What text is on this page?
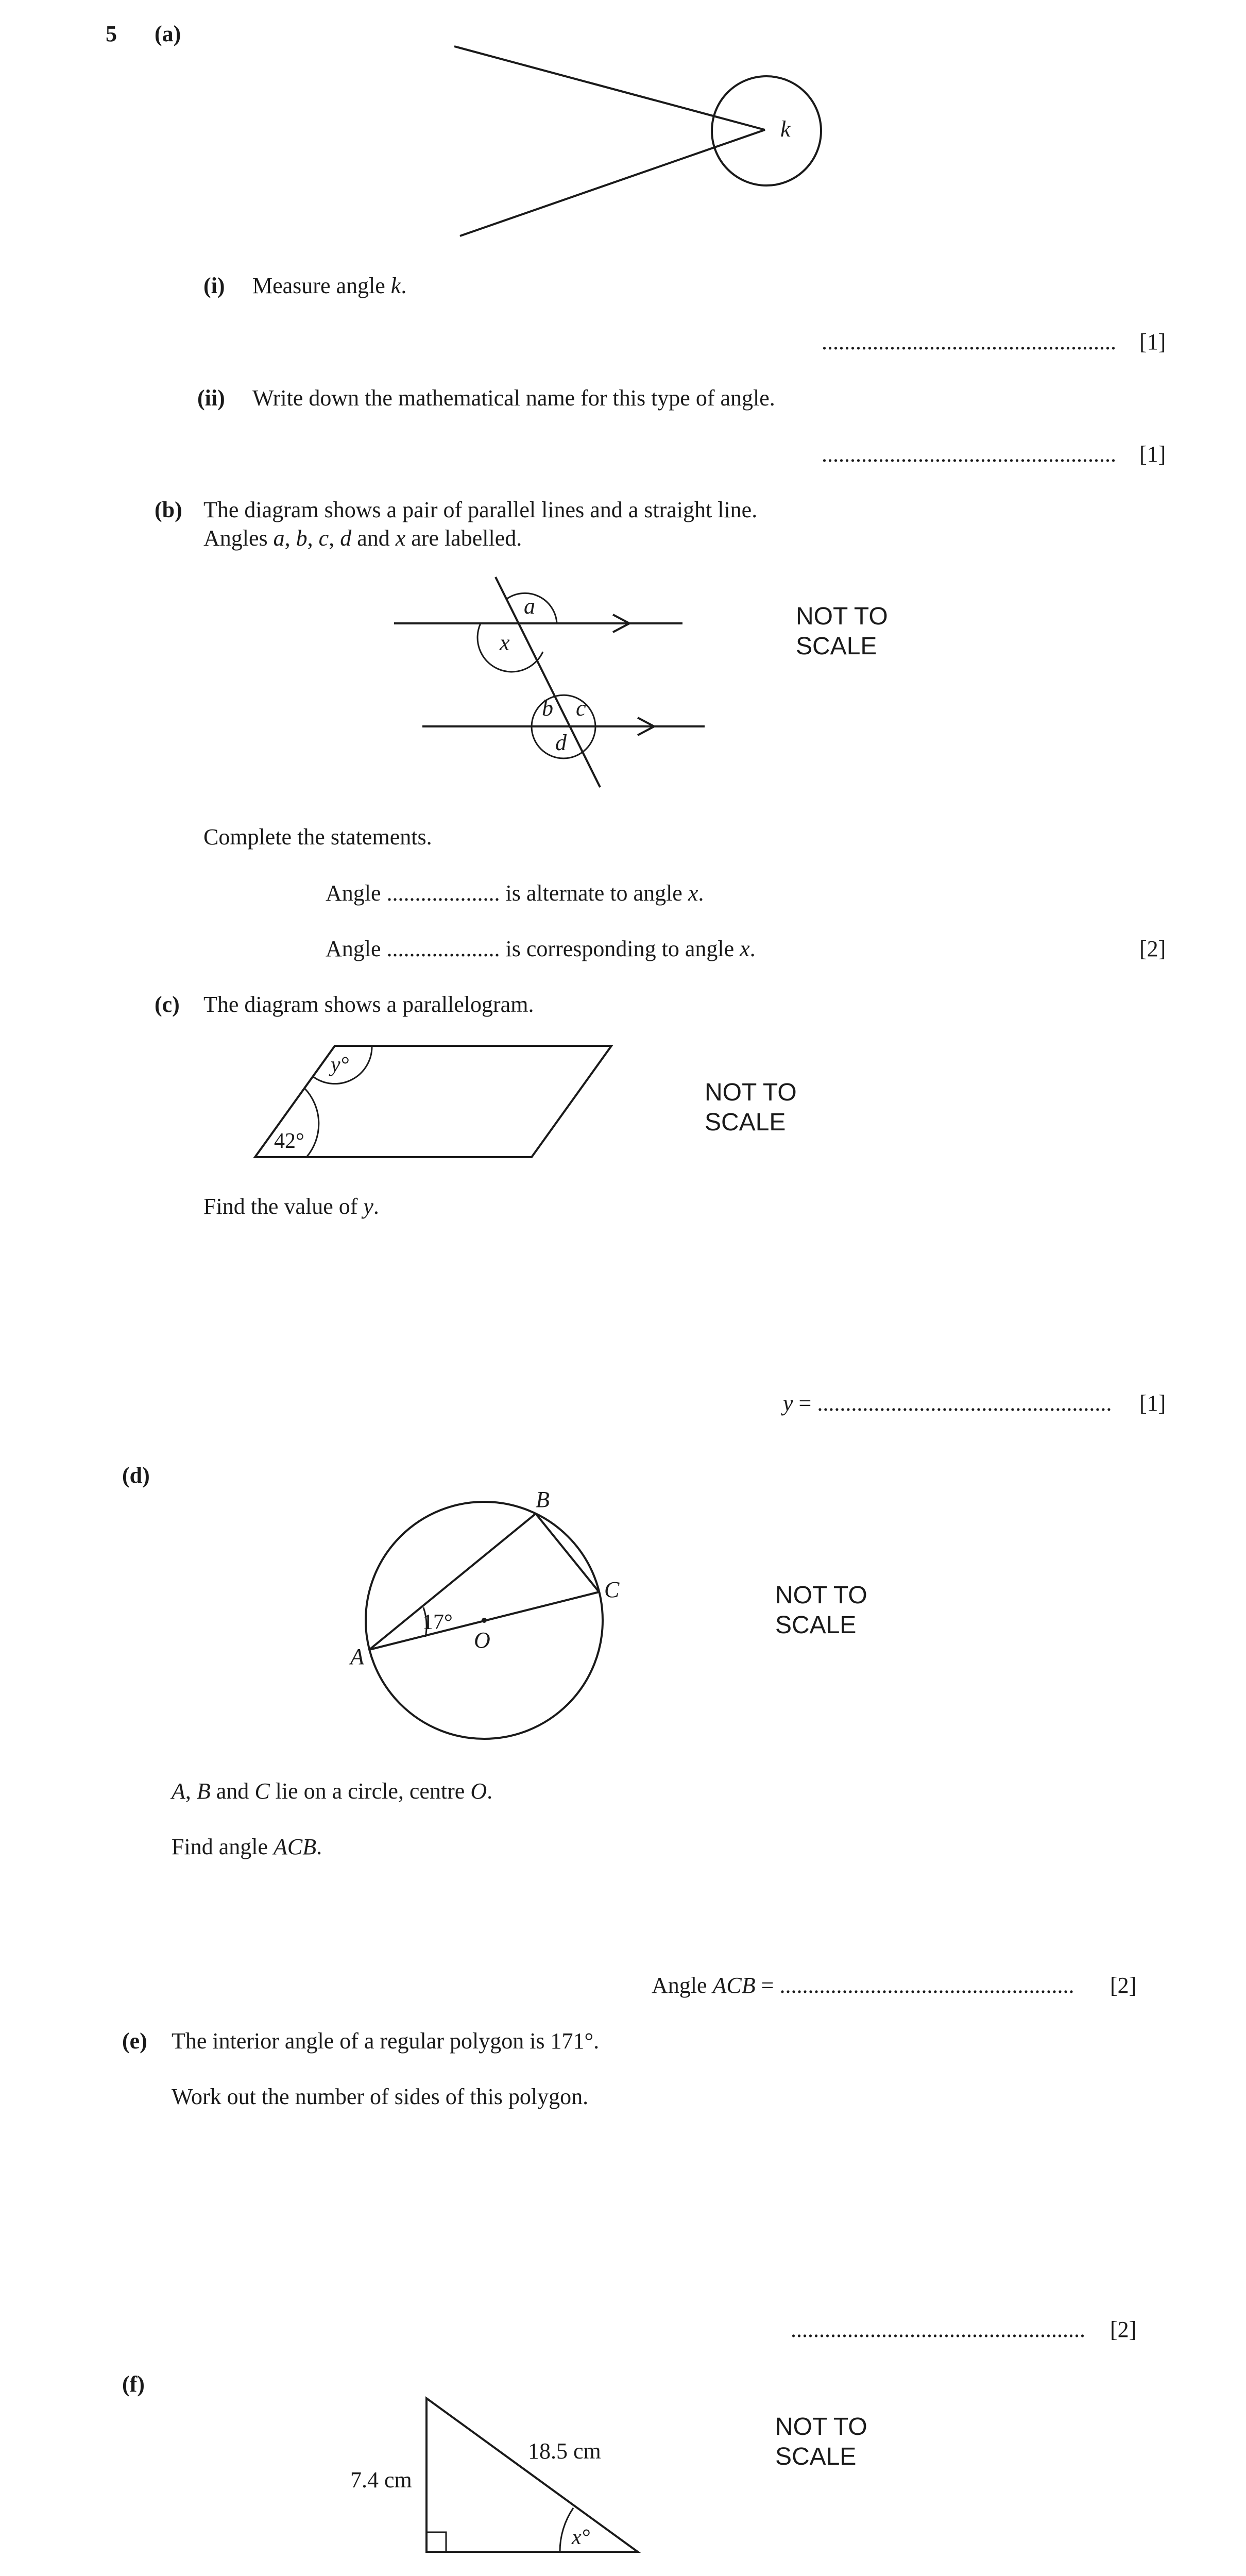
5 (a)
k
(i) Measure angle k.
.................................................... [1]
(ii) Write down the mathematical name for this type of angle.
.................................................... [1]
(b) The diagram shows a pair of parallel lines and a straight line.
Angles a, b, c, d and x are labelled.
a
x
b c
d
NOT TO
SCALE
Complete the statements.
Angle .................... is alternate to angle x.
Angle .................... is corresponding to angle x.	[2]
(c) The diagram shows a parallelogram.
y°
42°
NOT TO
SCALE
Find the value of y.
y = .................................................... [1]
(d)
B
C
A
O
17°
NOT TO
SCALE
A, B and C lie on a circle, centre O.
Find angle ACB.
Angle ACB = .................................................... [2]
(e) The interior angle of a regular polygon is 171°.
Work out the number of sides of this polygon.
.................................................... [2]
(f)
7.4 cm
18.5 cm
x°
NOT TO
SCALE
